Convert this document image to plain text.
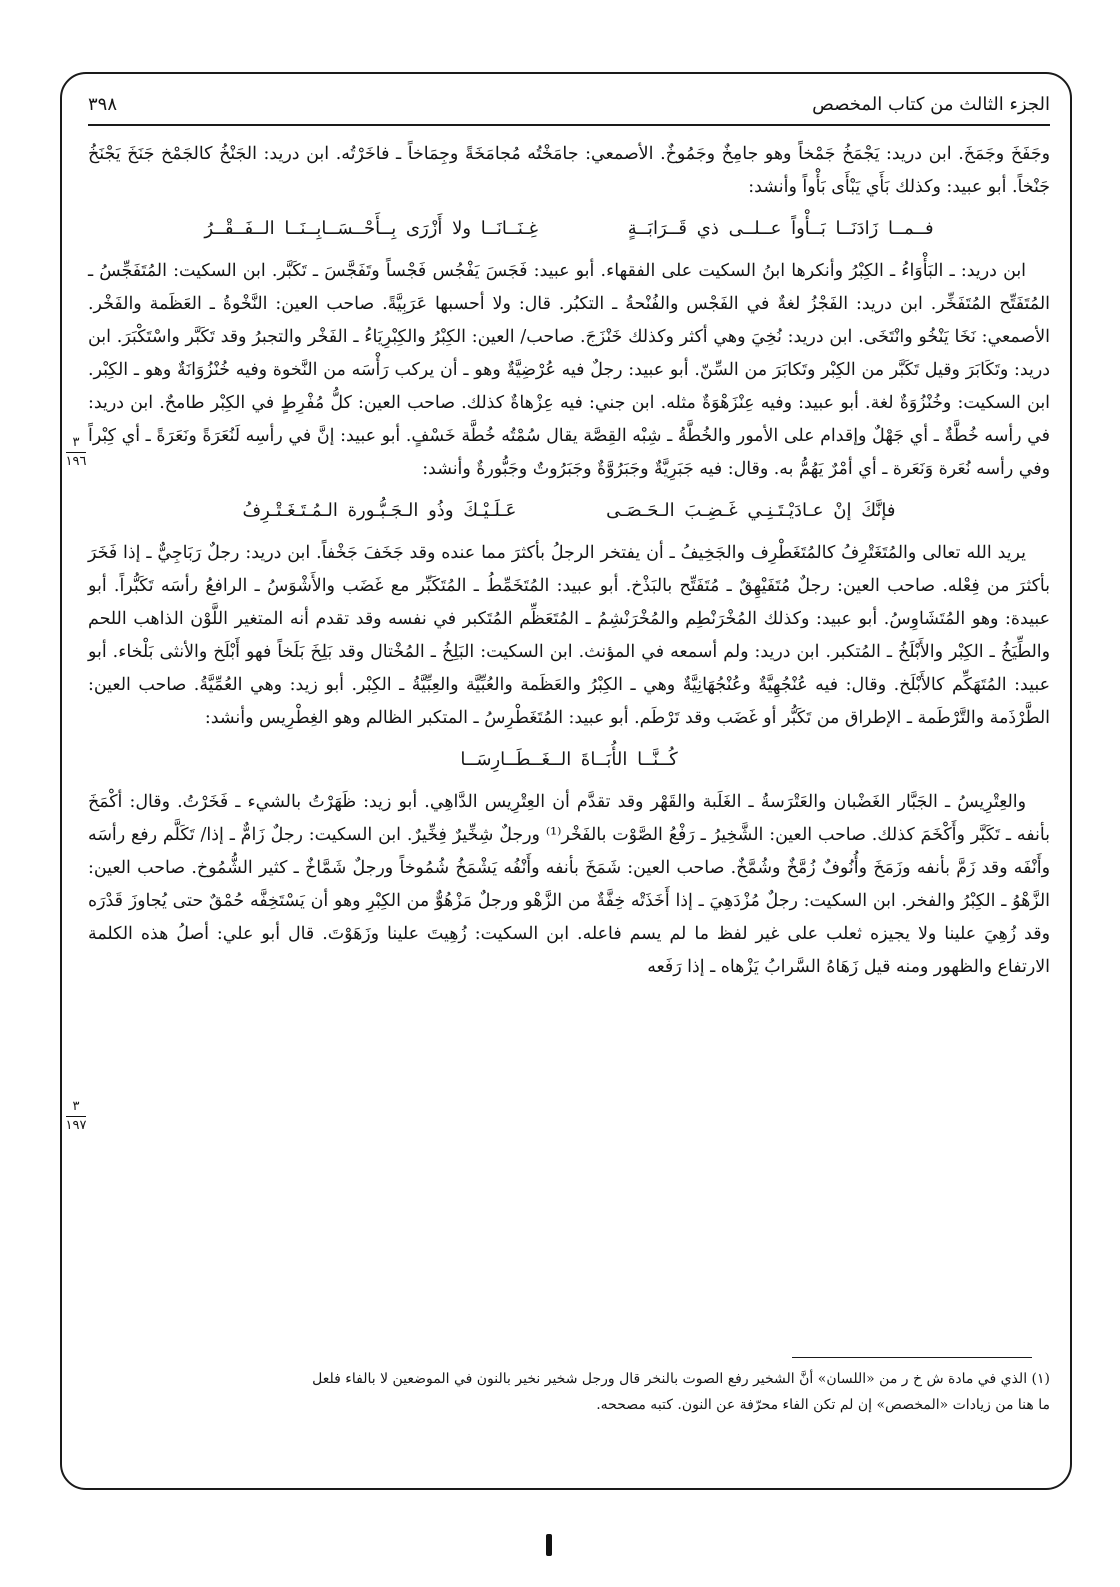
الجزء الثالث من كتاب المخصص
٣٩٨

وجَفَخَ وجَمَخَ. ابن دريد: يَجْمَخُ جَمْخاً وهو جامِخٌ وجَمُوخٌ. الأصمعي: جامَخْتُه مُجامَخَةً وجِمَاخاً ـ فاخَرْتُه. ابن دريد: الجَنْخُ كالجَمْخ جَنَخَ يَجْنَخُ جَنْخاً. أبو عبيد: وكذلك بَأَي يَبْأَى بَأْواً وأنشد:

فــمــا زَادَنَــا بَــأْواً عــلــى ذي قَــرَابَــةٍ غِـنَــانَــا ولا أَزْرَى بِــأَحْــسَــابِــنَــا الــفَــقْــرُ

ابن دريد: ـ البَأْوَاءُ ـ الكِبْرُ وأنكرها ابنُ السكيت على الفقهاء. أبو عبيد: فَجَسَ يَفْجُس فَجْساً وتَفَجَّسَ ـ تَكَبَّر. ابن السكيت: المُتَفَجِّسُ ـ المُتَفَتِّح المُتَفَخِّر. ابن دريد: الفَجْزُ لغةٌ في الفَجْس والفُنْحةُ ـ التكبُر. قال: ولا أحسبها عَرَبِيَّةً. صاحب العين: النَّخْوةُ ـ العَظَمة والفَخْر. الأصمعي: نَخَا يَنْخُو وانْتَخَى. ابن دريد: نُخِيَ وهي أكثر وكذلك خَنْزَجَ. صاحب/ العين: الكِبْرُ والكِبْرِيَاءُ ـ الفَخْر والتجبرُ وقد تَكَبَّر واسْتَكْبَرَ. ابن دريد: وتَكَابَرَ وقيل تَكَبَّر من الكِبْر وتَكابَرَ من السِّنّ. أبو عبيد: رجلٌ فيه عُرْضِيَّةٌ وهو ـ أن يركب رَأْسَه من النَّخوة وفيه خُنْزُوَانَةٌ وهو ـ الكِبْر. ابن السكيت: وخُنْزُوَةٌ لغة. أبو عبيد: وفيه عِنْزَهْوَةٌ مثله. ابن جني: فيه عِزْهاةٌ كذلك. صاحب العين: كلُّ مُفْرِطٍ في الكِبْر طامحٌ. ابن دريد: في رأسه خُطَّةٌ ـ أي جَهْلٌ وإقدام على الأمور والخُطَّةُ ـ شِبْه القِصَّة يقال سُمْتُه خُطَّة خَسْفٍ. أبو عبيد: إنَّ في رأسِه لَنُعَرَةً ونَعَرَةً ـ أي كِبْراً وفي رأسه نُعَرة وَنَعَرة ـ أي أمْرٌ يَهُمُّ به. وقال: فيه جَبَرِيَّةٌ وجَبَرُوَّةٌ وجَبَرُوتٌ وجَبُّورةٌ وأنشد:

فإنَّكَ إنْ عـادَيْـتَـنِـي غَـضِـبَ الـحَـصَـى عَـلَـيْـكَ وذُو الـجَـبُّـورة الـمُـتَـغَـتْـرِفُ

يريد الله تعالى والمُتَغَتْرِفُ كالمُتَغَطْرِف والجَخِيفُ ـ أن يفتخر الرجلُ بأكثرَ مما عنده وقد جَخَفَ جَخْفاً. ابن دريد: رجلٌ رَبَاجِيٌّ ـ إذا فَخَرَ بأكثرَ من فِعْله. صاحب العين: رجلٌ مُتَفَيْهِقٌ ـ مُتَفَتِّح بالبَذْخ. أبو عبيد: المُتَخَمِّطُ ـ المُتَكَبِّر مع غَضَب والأَشْوَسُ ـ الرافعُ رأسَه تَكَبُّراً. أبو عبيدة: وهو المُتَشَاوِسُ. أبو عبيد: وكذلك المُخْرَنْطِم والمُخْرَنْشِمُ ـ المُتَعَظِّم المُتَكبر في نفسه وقد تقدم أنه المتغير اللَّوْن الذاهب اللحم والطِّيَخُ ـ الكِبْر والأَبْلَخُ ـ المُتكبر. ابن دريد: ولم أسمعه في المؤنث. ابن السكيت: البَلِخُ ـ المُخْتال وقد بَلِخَ بَلَخاً فهو أَبْلَخ والأنثى بَلْخاء. أبو عبيد: المُتَهَكِّم كالأَبْلَخ. وقال: فيه عُنْجُهِيَّةٌ وعُنْجُهَانِيَّةٌ وهي ـ الكِبْرُ والعَظَمة والعُبِّيَّة والعِبِّيَّةُ ـ الكِبْر. أبو زيد: وهي العُمِّيَّةُ. صاحب العين: الطَّرْذَمة والتَّرْطَمة ـ الإطراق من تَكَبُّر أو غَضَب وقد تَرْطَم. أبو عبيد: المُتَغَطْرِسُ ـ المتكبر الظالم وهو الغِطْرِيس وأنشد:

كُــنَّــا الأُبَــاةَ الــغَــطَــارِسَــا

والعِتْرِيسُ ـ الجَبَّار الغَضْبان والعَتْرَسةُ ـ الغَلَبة والقَهْر وقد تقدَّم أن العِتْرِيس الدَّاهِي. أبو زيد: ظَهَرْتُ بالشيء ـ فَخَرْتُ. وقال: أكْمَخَ بأنفه ـ تَكَبَّر وأَكْخَمَ كذلك. صاحب العين: الشَّخِيرُ ـ رَفْعُ الصَّوْت بالفَخْر⁽¹⁾ ورجلٌ شِخِّيرٌ فِخِّيرٌ. ابن السكيت: رجلٌ زَامٌّ ـ إذا/ تَكَلَّم رفع رأسَه وأَنْفَه وقد زَمَّ بأنفه وزَمَخَ وأُنُوفٌ زُمَّخٌ وشُمَّخٌ. صاحب العين: شَمَخَ بأنفه وأَنْفُه يَشْمَخُ شُمُوخاً ورجلٌ شَمَّاخٌ ـ كثير الشُّمُوخ. صاحب العين: الزَّهْوُ ـ الكِبْرُ والفخر. ابن السكيت: رجلٌ مُزْدَهِيَ ـ إذا أَخَذَتْه خِفَّةٌ من الزَّهْو ورجلٌ مَزْهُوٌّ من الكِبْرِ وهو أن يَسْتَخِفَّه حُمْقٌ حتى يُجاوزَ قَدْرَه وقد زُهِيَ علينا ولا يجيزه ثعلب على غير لفظ ما لم يسم فاعله. ابن السكيت: زُهِيتَ علينا وزَهَوْتَ. قال أبو علي: أصلُ هذه الكلمة الارتفاع والظهور ومنه قيل زَهَاهُ السَّرابُ يَزْهاه ـ إذا رَفَعه

٣
١٩٦
٣
١٩٧

(١) الذي في مادة ش خ ر من «اللسان» أنَّ الشخير رفع الصوت بالنخر قال ورجل شخير نخير بالنون في الموضعين لا بالفاء فلعل

ما هنا من زيادات «المخصص» إن لم تكن الفاء محرّفة عن النون. كتبه مصححه.
